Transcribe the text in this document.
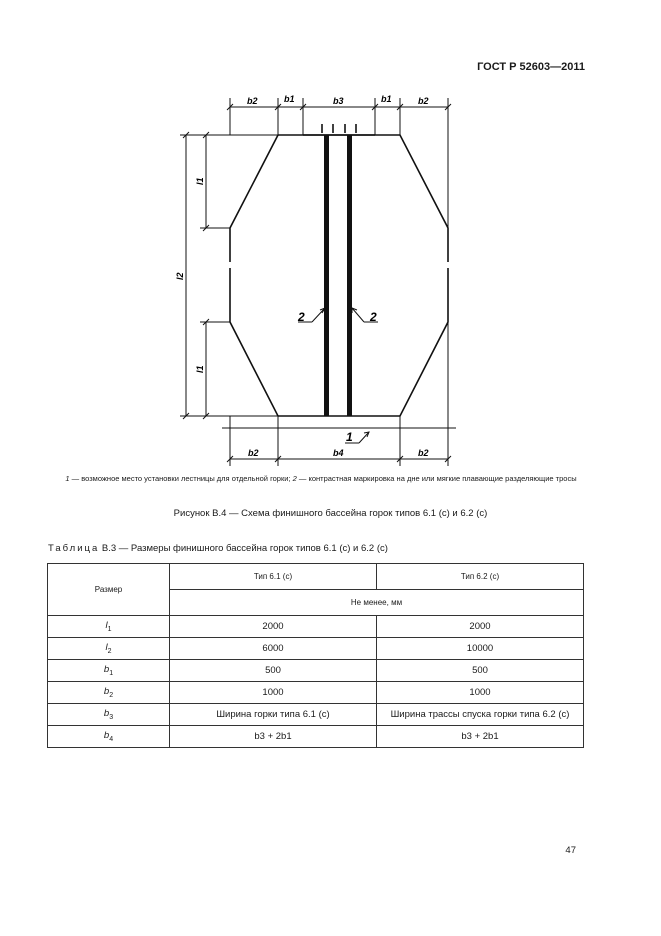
ГОСТ Р 52603—2011
b2	b1	b3	b1	b2
l1
l2
l1
b2	b4	b2
2	2
1
1 — возможное место установки лестницы для отдельной горки; 2 — контрастная маркировка на дне или мягкие плавающие разделяющие тросы
Рисунок В.4 — Схема финишного бассейна горок типов 6.1 (с) и 6.2 (с)
Таблица В.3 — Размеры финишного бассейна горок типов 6.1 (с) и 6.2 (с)
Размер	Тип 6.1 (с)	Тип 6.2 (с)
	Не менее, мм	
$l_1$	2000	2000
$l_2$	6000	10000
$b_1$	500	500
$b_2$	1000	1000
$b_3$	Ширина горки типа 6.1 (с)	Ширина трассы спуска горки типа 6.2 (с)
$b_4$	b3 + 2b1	b3 + 2b1
47
